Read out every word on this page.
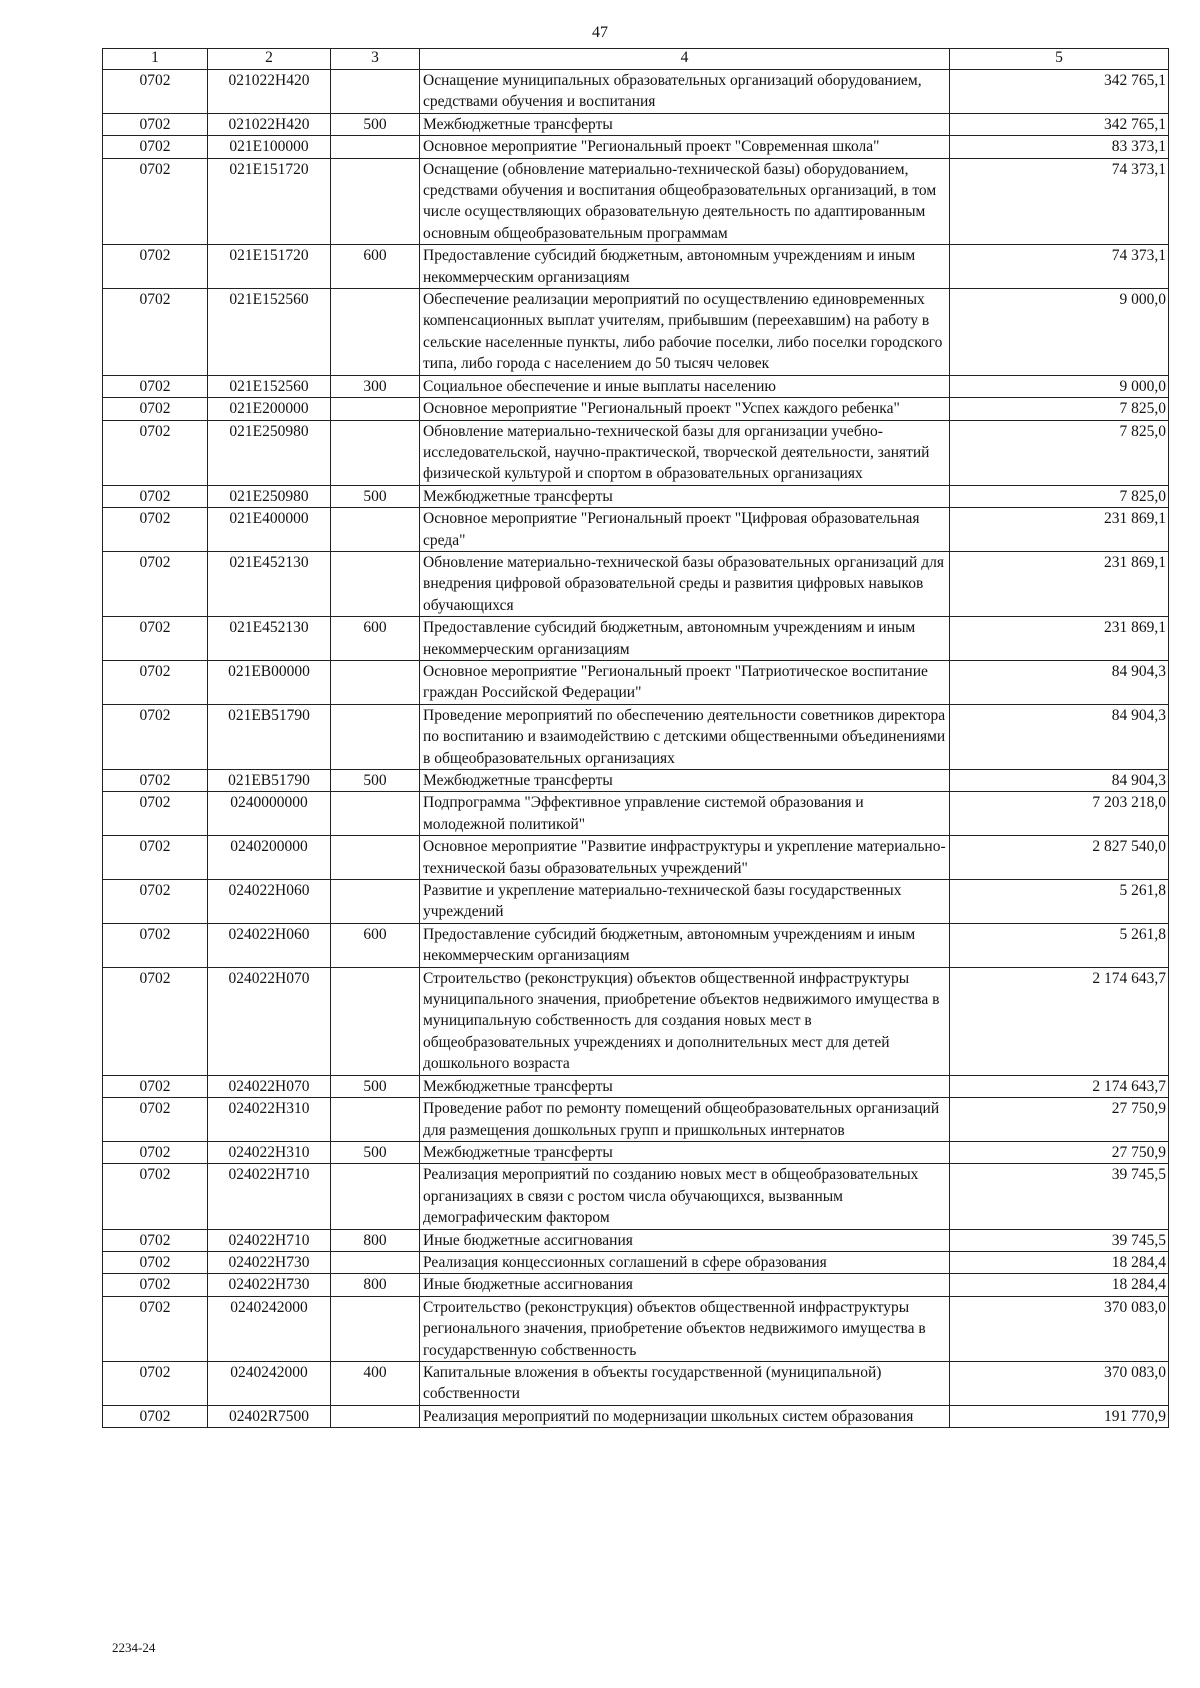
47
1	2	3	4	5
0702	021022Н420		Оснащение муниципальных образовательных организаций оборудованием, средствами обучения и воспитания	342 765,1
0702	021022Н420	500	Межбюджетные трансферты	342 765,1
0702	021Е100000		Основное мероприятие "Региональный проект "Современная школа"	83 373,1
0702	021Е151720		Оснащение (обновление материально-технической базы) оборудованием, средствами обучения и воспитания общеобразовательных организаций, в том числе осуществляющих образовательную деятельность по адаптированным основным общеобразовательным программам	74 373,1
0702	021Е151720	600	Предоставление субсидий бюджетным, автономным учреждениям и иным некоммерческим организациям	74 373,1
0702	021Е152560		Обеспечение реализации мероприятий по осуществлению единовременных компенсационных выплат учителям, прибывшим (переехавшим) на работу в сельские населенные пункты, либо рабочие поселки, либо поселки городского типа, либо города с населением до 50 тысяч человек	9 000,0
0702	021Е152560	300	Социальное обеспечение и иные выплаты населению	9 000,0
0702	021Е200000		Основное мероприятие "Региональный проект "Успех каждого ребенка"	7 825,0
0702	021Е250980		Обновление материально-технической базы для организации учебно-исследовательской, научно-практической, творческой деятельности, занятий физической культурой и спортом в образовательных организациях	7 825,0
0702	021Е250980	500	Межбюджетные трансферты	7 825,0
0702	021Е400000		Основное мероприятие "Региональный проект "Цифровая образовательная среда"	231 869,1
0702	021Е452130		Обновление материально-технической базы образовательных организаций для внедрения цифровой образовательной среды и развития цифровых навыков обучающихся	231 869,1
0702	021Е452130	600	Предоставление субсидий бюджетным, автономным учреждениям и иным некоммерческим организациям	231 869,1
0702	021ЕВ00000		Основное мероприятие "Региональный проект "Патриотическое воспитание граждан Российской Федерации"	84 904,3
0702	021ЕВ51790		Проведение мероприятий по обеспечению деятельности советников директора по воспитанию и взаимодействию с детскими общественными объединениями в общеобразовательных организациях	84 904,3
0702	021ЕВ51790	500	Межбюджетные трансферты	84 904,3
0702	0240000000		Подпрограмма "Эффективное управление системой образования и молодежной политикой"	7 203 218,0
0702	0240200000		Основное мероприятие "Развитие инфраструктуры и укрепление материально-технической базы образовательных учреждений"	2 827 540,0
0702	024022Н060		Развитие и укрепление материально-технической базы государственных учреждений	5 261,8
0702	024022Н060	600	Предоставление субсидий бюджетным, автономным учреждениям и иным некоммерческим организациям	5 261,8
0702	024022Н070		Строительство (реконструкция) объектов общественной инфраструктуры муниципального значения, приобретение объектов недвижимого имущества в муниципальную собственность для создания новых мест в общеобразовательных учреждениях и дополнительных мест для детей дошкольного возраста	2 174 643,7
0702	024022Н070	500	Межбюджетные трансферты	2 174 643,7
0702	024022Н310		Проведение работ по ремонту помещений общеобразовательных организаций для размещения дошкольных групп и пришкольных интернатов	27 750,9
0702	024022Н310	500	Межбюджетные трансферты	27 750,9
0702	024022Н710		Реализация мероприятий по созданию новых мест в общеобразовательных организациях в связи с ростом числа обучающихся, вызванным демографическим фактором	39 745,5
0702	024022Н710	800	Иные бюджетные ассигнования	39 745,5
0702	024022Н730		Реализация концессионных соглашений в сфере образования	18 284,4
0702	024022Н730	800	Иные бюджетные ассигнования	18 284,4
0702	0240242000		Строительство (реконструкция) объектов общественной инфраструктуры регионального значения, приобретение объектов недвижимого имущества в государственную собственность	370 083,0
0702	0240242000	400	Капитальные вложения в объекты государственной (муниципальной) собственности	370 083,0
0702	02402R7500		Реализация мероприятий по модернизации школьных систем образования	191 770,9
2234-24
